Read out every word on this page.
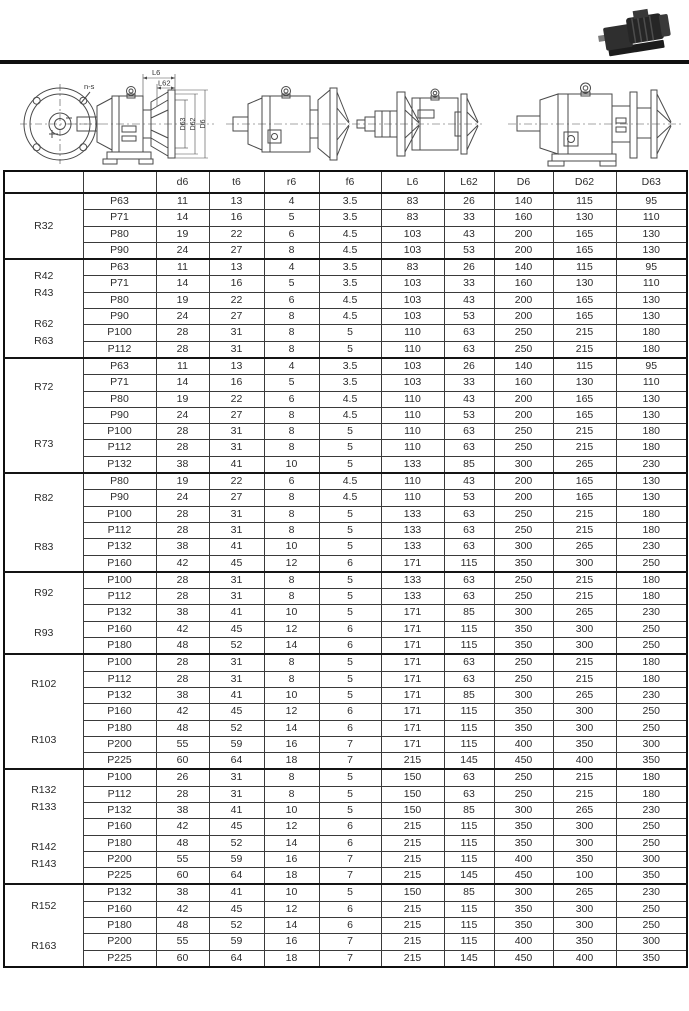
n-s
L6
L62
D63 D62 D6
		d6	t6	r6	f6	L6	L62	D6	D62	D63

R32	P63	11	13	4	3.5	83	26	140	115	95
	P71	14	16	5	3.5	83	33	160	130	110
	P80	19	22	6	4.5	103	43	200	165	130
	P90	24	27	8	4.5	103	53	200	165	130

R42
R43
R62
R63	P63	11	13	4	3.5	83	26	140	115	95
	P71	14	16	5	3.5	103	33	160	130	110
	P80	19	22	6	4.5	103	43	200	165	130
	P90	24	27	8	4.5	103	53	200	165	130
	P100	28	31	8	5	110	63	250	215	180
	P112	28	31	8	5	110	63	250	215	180

R72
R73	P63	11	13	4	3.5	103	26	140	115	95
	P71	14	16	5	3.5	103	33	160	130	110
	P80	19	22	6	4.5	110	43	200	165	130
	P90	24	27	8	4.5	110	53	200	165	130
	P100	28	31	8	5	110	63	250	215	180
	P112	28	31	8	5	110	63	250	215	180
	P132	38	41	10	5	133	85	300	265	230

R82
R83	P80	19	22	6	4.5	110	43	200	165	130
	P90	24	27	8	4.5	110	53	200	165	130
	P100	28	31	8	5	133	63	250	215	180
	P112	28	31	8	5	133	63	250	215	180
	P132	38	41	10	5	133	63	300	265	230
	P160	42	45	12	6	171	115	350	300	250

R92
R93	P100	28	31	8	5	133	63	250	215	180
	P112	28	31	8	5	133	63	250	215	180
	P132	38	41	10	5	171	85	300	265	230
	P160	42	45	12	6	171	115	350	300	250
	P180	48	52	14	6	171	115	350	300	250

R102
R103	P100	28	31	8	5	171	63	250	215	180
	P112	28	31	8	5	171	63	250	215	180
	P132	38	41	10	5	171	85	300	265	230
	P160	42	45	12	6	171	115	350	300	250
	P180	48	52	14	6	171	115	350	300	250
	P200	55	59	16	7	171	115	400	350	300
	P225	60	64	18	7	215	145	450	400	350

R132
R133
R142
R143	P100	26	31	8	5	150	63	250	215	180
	P112	28	31	8	5	150	63	250	215	180
	P132	38	41	10	5	150	85	300	265	230
	P160	42	45	12	6	215	115	350	300	250
	P180	48	52	14	6	215	115	350	300	250
	P200	55	59	16	7	215	115	400	350	300
	P225	60	64	18	7	215	145	450	100	350

R152
R163	P132	38	41	10	5	150	85	300	265	230
	P160	42	45	12	6	215	115	350	300	250
	P180	48	52	14	6	215	115	350	300	250
	P200	55	59	16	7	215	115	400	350	300
	P225	60	64	18	7	215	145	450	400	350
